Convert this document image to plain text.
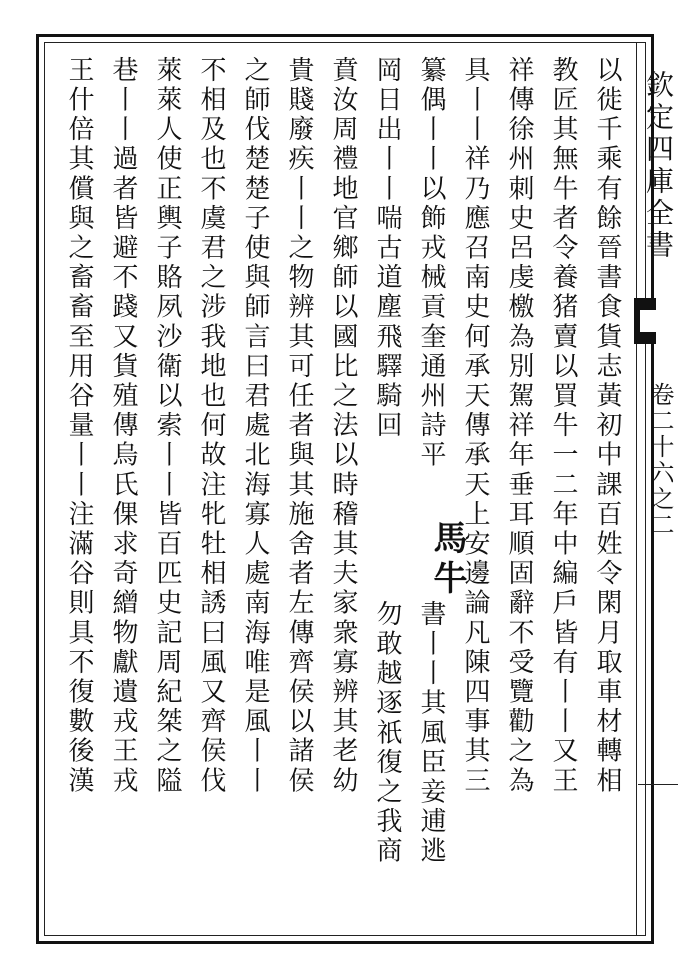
欽定四庫全書
卷二十六之二
以徙千乘有餘晉書食貨志黃初中課百姓令閑月取車材轉相
教匠其無牛者令養猪賣以買牛一二年中編戶皆有丨丨又王
祥傳徐州刺史呂虔檄為別駕祥年垂耳順固辭不受覽勸之為
具丨丨祥乃應召南史何承天傳承天上安邊論凡陳四事其三
纂偶丨丨以飾戎械貢奎通州詩平
岡日出丨丨喘古道塵飛驛騎回
馬牛
書丨丨其風臣妾逋逃
勿敢越逐祇復之我商
賁汝周禮地官鄉師以國比之法以時稽其夫家衆寡辨其老幼
貴賤廢疾丨丨之物辨其可任者與其施舍者左傳齊侯以諸侯
之師伐楚楚子使與師言曰君處北海寡人處南海唯是風丨丨
不相及也不虞君之涉我地也何故注牝牡相誘曰風又齊侯伐
萊萊人使正輿子賂夙沙衛以索丨丨皆百匹史記周紀桀之隘
巷丨丨過者皆避不踐又貨殖傳烏氏倮求奇繒物獻遺戎王戎
王什倍其償與之畜畜至用谷量丨丨注滿谷則具不復數後漢
